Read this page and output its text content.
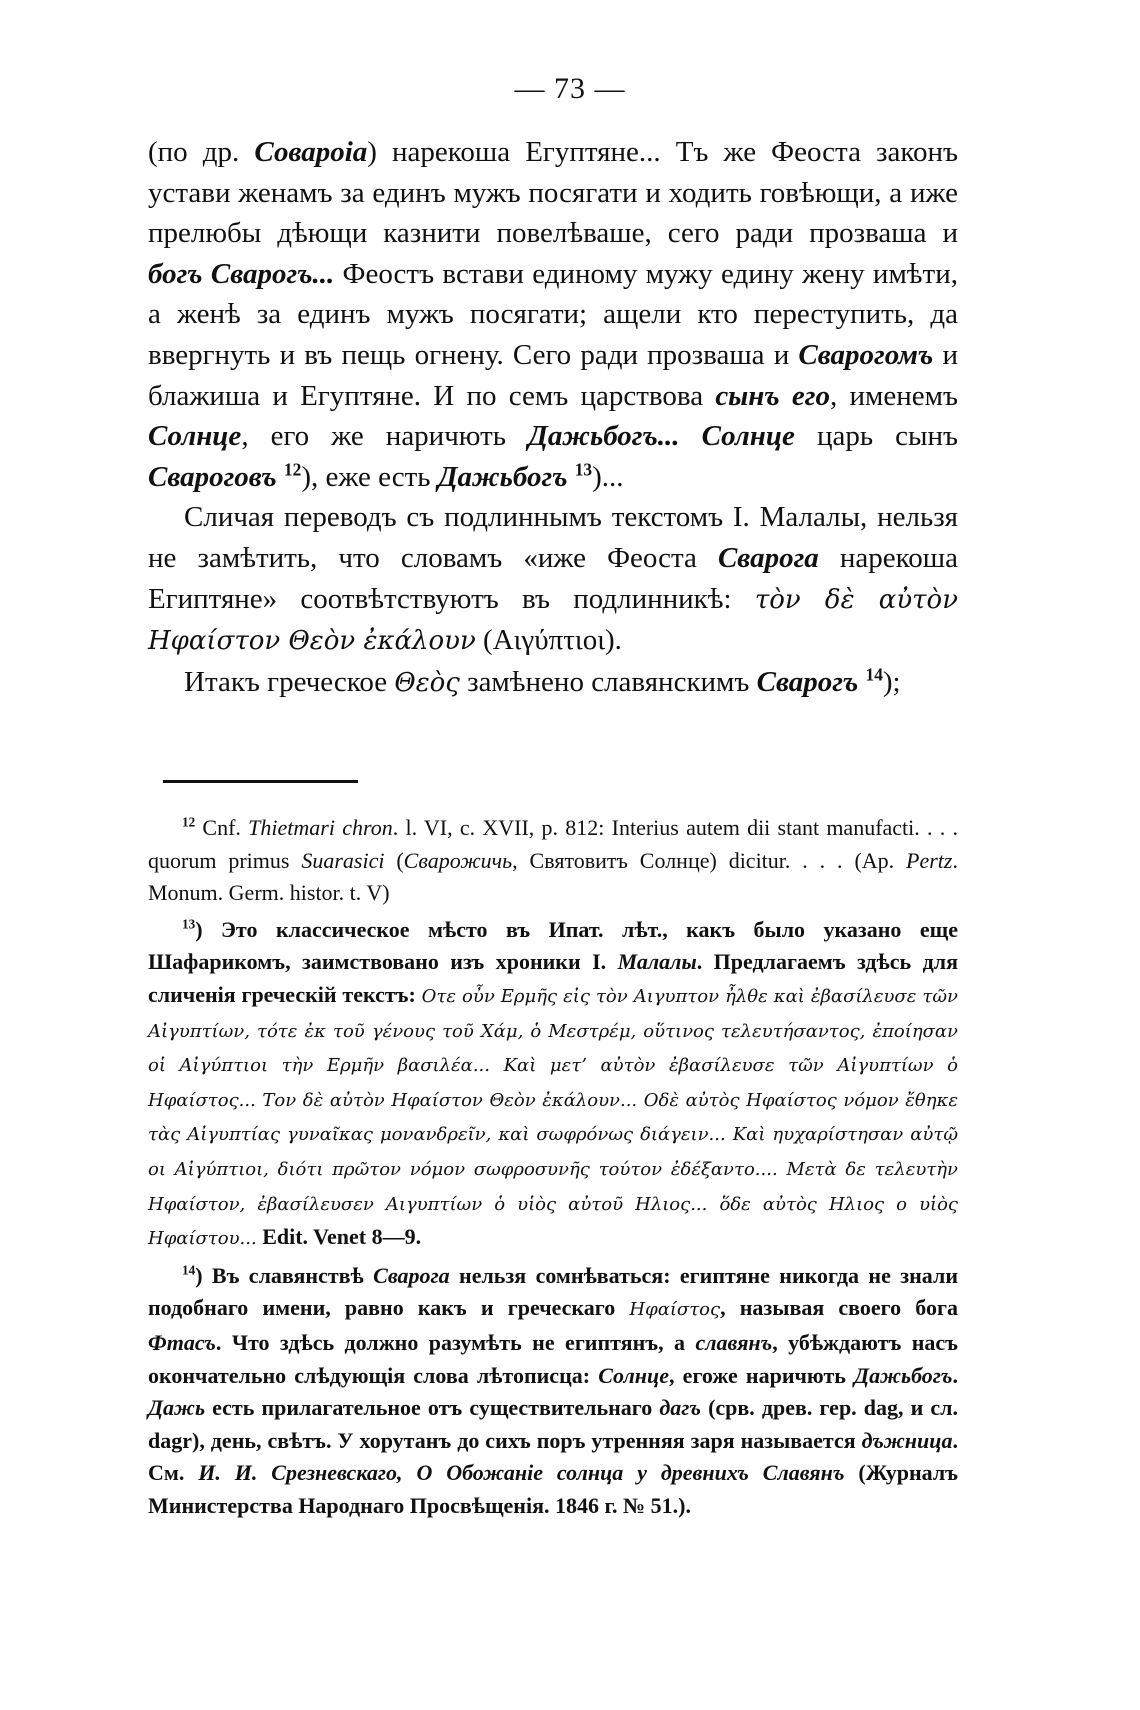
— 73 —

(по др. Совароіа) нарекоша Егуптяне... Тъ же Феоста законъ устави женамъ за единъ мужъ посягати и ходить говѣющи, а иже прелюбы дѣющи казнити повелѣваше, сего ради прозваша и богъ Сварогъ... Феостъ встави единому мужу едину жену имѣти, а женѣ за единъ мужъ посягати; ащели кто переступить, да ввергнуть и въ пещь огнену. Сего ради прозваша и Сварогомъ и блажиша и Егуптяне. И по семъ царствова сынъ его, именемъ Солнце, его же наричють Дажьбогъ... Солнце царь сынъ Свароговъ $^{12}$), еже есть Дажьбогъ $^{13}$)...

Сличая переводъ съ подлиннымъ текстомъ І. Малалы, нельзя не замѣтить, что словамъ «иже Феоста Сварога нарекоша Египтяне» соотвѣтствуютъ въ подлинникѣ: τὸν δὲ αὐτὸν Ηφαίστον Θεὸν ἐκάλουν (Αιγύπτιοι).

Итакъ греческое Θεὸς замѣнено славянскимъ Сварогъ $^{14}$);

$^{12}$ Cnf. Thietmari chron. l. VI, c. XVII, p. 812: Interius autem dii stant manufacti. . . . quorum primus Suarasici (Сварожичь, Святовитъ Солнце) dicitur. . . . (Ap. Pertz. Monum. Germ. histor. t. V)

$^{13}$) Это классическое мѣсто въ Ипат. лѣт., какъ было указано еще Шафарикомъ, заимствовано изъ хроники І. Малалы. Предлагаемъ здѣсь для сличенія греческій текстъ: Οτε οὖν Ερμῆς εἰς τὸν Αιγυπτον ἦλθε καὶ ἐβασίλευσε τῶν Αἰγυπτίων, τότε ἐκ τοῦ γένους τοῦ Χάμ, ὁ Μεστρέμ, οὕτινος τελευτήσαντος, ἐποίησαν οἱ Αἰγύπτιοι τὴν Ερμῆν βασιλέα... Καὶ μετ’ αὐτὸν ἐβασίλευσε τῶν Αἰγυπτίων ὁ Ηφαίστος... Τον δὲ αὐτὸν Ηφαίστον Θεὸν ἐκάλουν... Οδὲ αὐτὸς Ηφαίστος νόμον ἔθηκε τὰς Αἰγυπτίας γυναῖκας μονανδρεῖν, καὶ σωφρόνως διάγειν... Καὶ ηυχαρίστησαν αὐτῷ οι Αἰγύπτιοι, διότι πρῶτον νόμον σωφροσυνῆς τούτον ἐδέξαντο.... Μετὰ δε τελευτὴν Ηφαίστον, ἐβασίλευσεν Αιγυπτίων ὁ υἱὸς αὐτοῦ Ηλιος... ὅδε αὐτὸς Ηλιος ο υἱὸς Ηφαίστου... Edit. Venet 8—9.

$^{14}$) Въ славянствѣ Сварога нельзя сомнѣваться: египтяне никогда не знали подобнаго имени, равно какъ и греческаго Ηφαίστος, называя своего бога Фтасъ. Что здѣсь должно разумѣть не египтянъ, а славянъ, убѣждаютъ насъ окончательно слѣдующія слова лѣтописца: Солнце, егоже наричють Дажьбогъ. Дажь есть прилагательное отъ существительнаго дагъ (срв. древ. гер. dag, и сл. dagr), день, свѣтъ. У хорутанъ до сихъ поръ утренняя заря называется дъжница. См. И. И. Срезневскаго, О Обожаніе солнца у древнихъ Славянъ (Журналъ Министерства Народнаго Просвѣщенія. 1846 г. № 51.).
